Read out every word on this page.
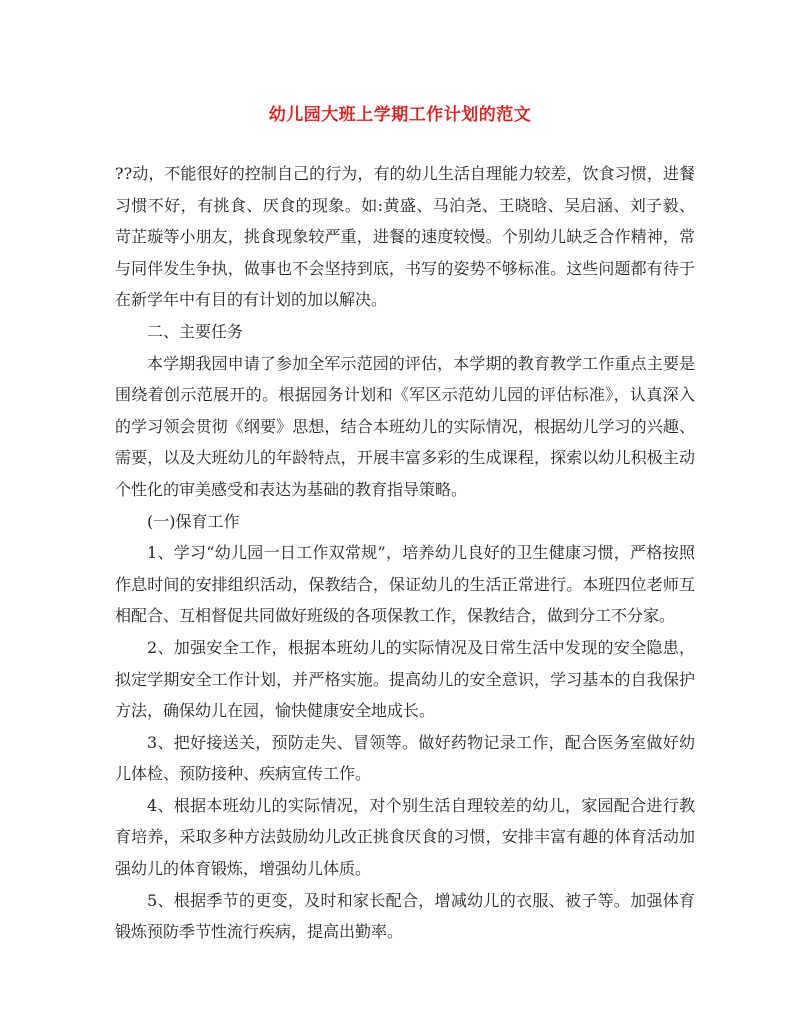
幼儿园大班上学期工作计划的范文

??动，不能很好的控制自己的行为，有的幼儿生活自理能力较差，饮食习惯，进餐习惯不好，有挑食、厌食的现象。如:黄盛、马泊尧、王晓晗、吴启涵、刘子毅、苛芷璇等小朋友，挑食现象较严重，进餐的速度较慢。个别幼儿缺乏合作精神，常与同伴发生争执，做事也不会坚持到底，书写的姿势不够标准。这些问题都有待于在新学年中有目的有计划的加以解决。

二、主要任务

本学期我园申请了参加全军示范园的评估，本学期的教育教学工作重点主要是围绕着创示范展开的。根据园务计划和《军区示范幼儿园的评估标准》，认真深入的学习领会贯彻《纲要》思想，结合本班幼儿的实际情况，根据幼儿学习的兴趣、需要，以及大班幼儿的年龄特点，开展丰富多彩的生成课程，探索以幼儿积极主动个性化的审美感受和表达为基础的教育指导策略。

(一)保育工作

1、学习“幼儿园一日工作双常规”，培养幼儿良好的卫生健康习惯，严格按照作息时间的安排组织活动，保教结合，保证幼儿的生活正常进行。本班四位老师互相配合、互相督促共同做好班级的各项保教工作，保教结合，做到分工不分家。

2、加强安全工作，根据本班幼儿的实际情况及日常生活中发现的安全隐患，拟定学期安全工作计划，并严格实施。提高幼儿的安全意识，学习基本的自我保护方法，确保幼儿在园，愉快健康安全地成长。

3、把好接送关，预防走失、冒领等。做好药物记录工作，配合医务室做好幼儿体检、预防接种、疾病宣传工作。

4、根据本班幼儿的实际情况，对个别生活自理较差的幼儿，家园配合进行教育培养，采取多种方法鼓励幼儿改正挑食厌食的习惯，安排丰富有趣的体育活动加强幼儿的体育锻炼，增强幼儿体质。

5、根据季节的更变，及时和家长配合，增减幼儿的衣服、被子等。加强体育锻炼预防季节性流行疾病，提高出勤率。
